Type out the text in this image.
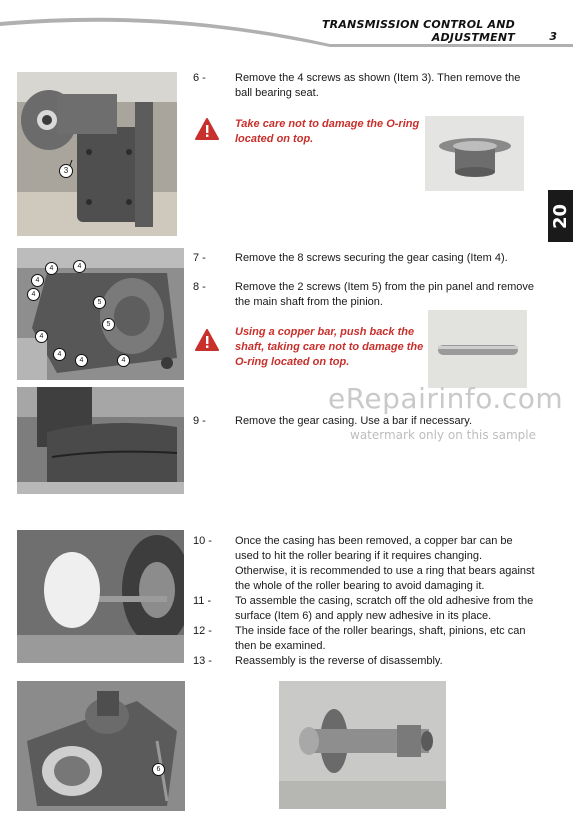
TRANSMISSION CONTROL AND
ADJUSTMENT	3
20
3
6 -	Remove the 4 screws as shown (Item 3). Then remove the ball bearing seat.
Take care not to damage the O-ring located on top.
4	4
4
4
4
4
4	4
5
5
7 -	Remove the 8 screws securing the gear casing (Item 4).
8 -	Remove the 2 screws (Item 5) from the pin panel and remove the main shaft from the pinion.
Using a copper bar, push back the shaft, taking care not to damage the O-ring located on top.
9 -	Remove the gear casing. Use a bar if necessary.
eRepairinfo.com
watermark only on this sample
10 -	Once the casing has been removed, a copper bar can be used to hit the roller bearing if it requires changing. Otherwise, it is recommended to use a ring that bears against the whole of the roller bearing to avoid damaging it.
11 -	To assemble the casing, scratch off the old adhesive from the surface (Item 6) and apply new adhesive in its place.
12 -	The inside face of the roller bearings, shaft, pinions, etc can then be examined.
13 -	Reassembly is the reverse of disassembly.
6
